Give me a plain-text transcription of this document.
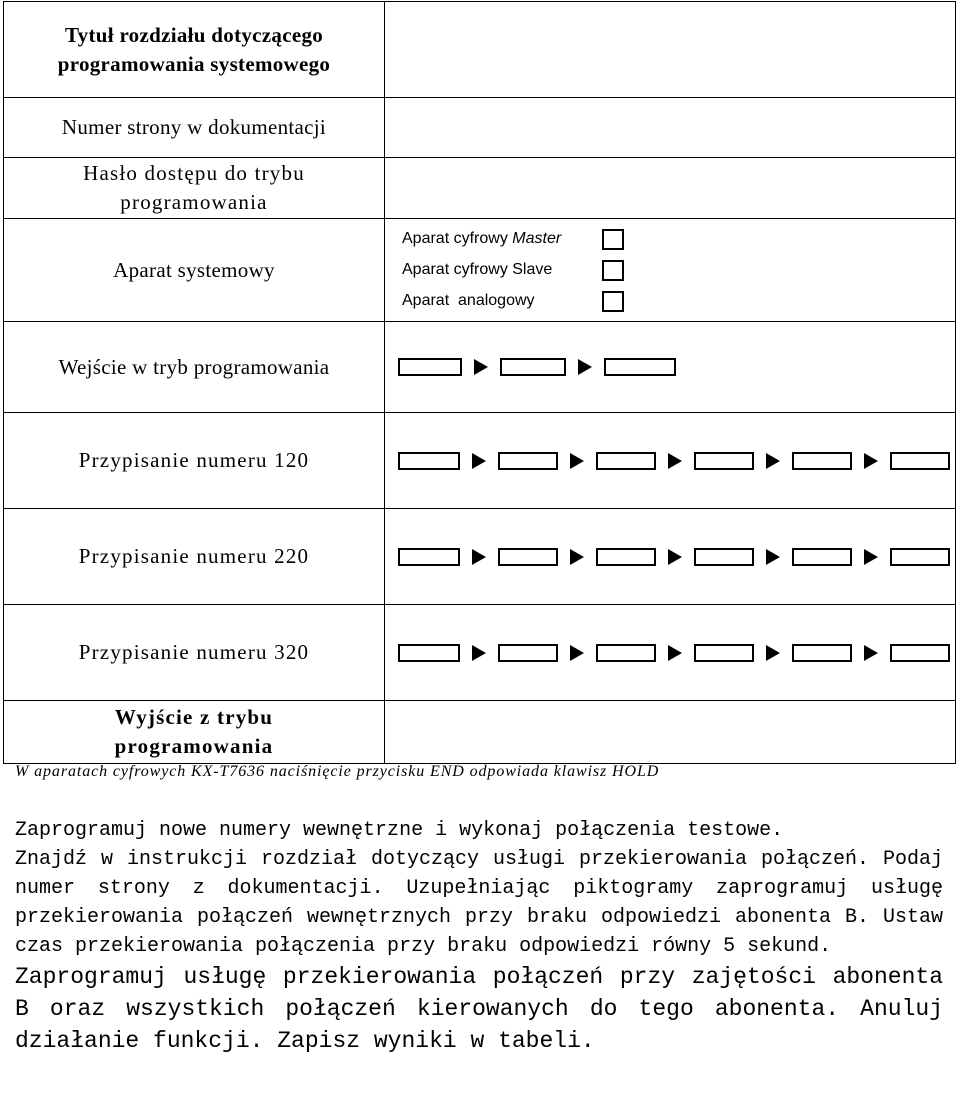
Tytuł rozdziału dotyczącego programowania systemowego	

Numer strony w dokumentacji	

Hasło dostępu do trybu programowania	

Aparat systemowy	Aparat cyfrowy Master
Aparat cyfrowy Slave
Aparat  analogowy

Wejście w tryb programowania	

Przypisanie numeru 120	

Przypisanie numeru 220	

Przypisanie numeru 320	

Wyjście z trybu programowania	

W aparatach cyfrowych KX-T7636 naciśnięcie przycisku END odpowiada klawisz HOLD

Zaprogramuj nowe numery wewnętrzne i wykonaj połączenia testowe.

Znajdź w instrukcji rozdział dotyczący usługi przekierowania połączeń. Podaj numer strony z dokumentacji. Uzupełniając piktogramy zaprogramuj usługę przekierowania połączeń wewnętrznych przy braku odpowiedzi abonenta B. Ustaw czas przekierowania połączenia przy braku odpowiedzi równy 5 sekund.

Zaprogramuj usługę przekierowania połączeń przy zajętości abonenta B oraz wszystkich połączeń kierowanych do tego abonenta. Anuluj działanie funkcji. Zapisz wyniki w tabeli.
